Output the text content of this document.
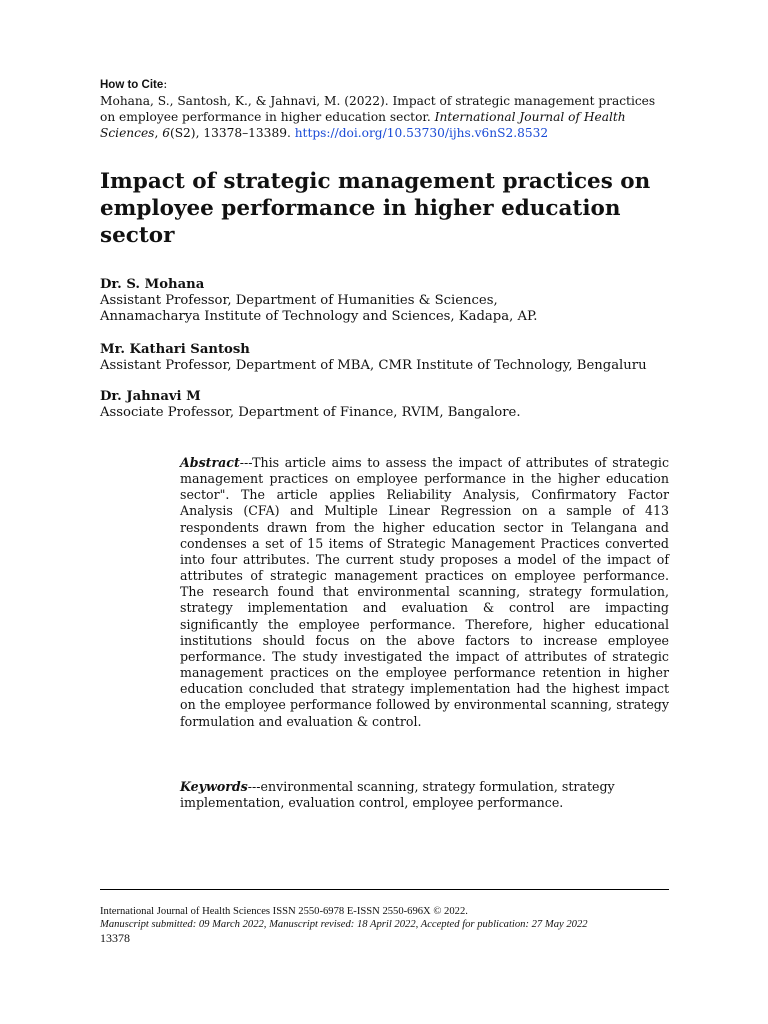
How to Cite:
Mohana, S., Santosh, K., & Jahnavi, M. (2022). Impact of strategic management practices on employee performance in higher education sector. International Journal of Health Sciences, 6(S2), 13378–13389. https://doi.org/10.53730/ijhs.v6nS2.8532
Impact of strategic management practices on employee performance in higher education sector
Dr. S. Mohana
Assistant Professor, Department of Humanities & Sciences,
Annamacharya Institute of Technology and Sciences, Kadapa, AP.
Mr. Kathari Santosh
Assistant Professor, Department of MBA, CMR Institute of Technology, Bengaluru
Dr. Jahnavi M
Associate Professor, Department of Finance, RVIM, Bangalore.

Abstract---This article aims to assess the impact of attributes of strategic management practices on employee performance in the higher education sector". The article applies Reliability Analysis, Confirmatory Factor Analysis (CFA) and Multiple Linear Regression on a sample of 413 respondents drawn from the higher education sector in Telangana and condenses a set of 15 items of Strategic Management Practices converted into four attributes. The current study proposes a model of the impact of attributes of strategic management practices on employee performance. The research found that environmental scanning, strategy formulation, strategy implementation and evaluation & control are impacting significantly the employee performance. Therefore, higher educational institutions should focus on the above factors to increase employee performance. The study investigated the impact of attributes of strategic management practices on the employee performance retention in higher education concluded that strategy implementation had the highest impact on the employee performance followed by environmental scanning, strategy formulation and evaluation & control.

Keywords---environmental scanning, strategy formulation, strategy implementation, evaluation control, employee performance.

International Journal of Health Sciences ISSN 2550-6978 E-ISSN 2550-696X © 2022.
Manuscript submitted: 09 March 2022, Manuscript revised: 18 April 2022, Accepted for publication: 27 May 2022
13378
